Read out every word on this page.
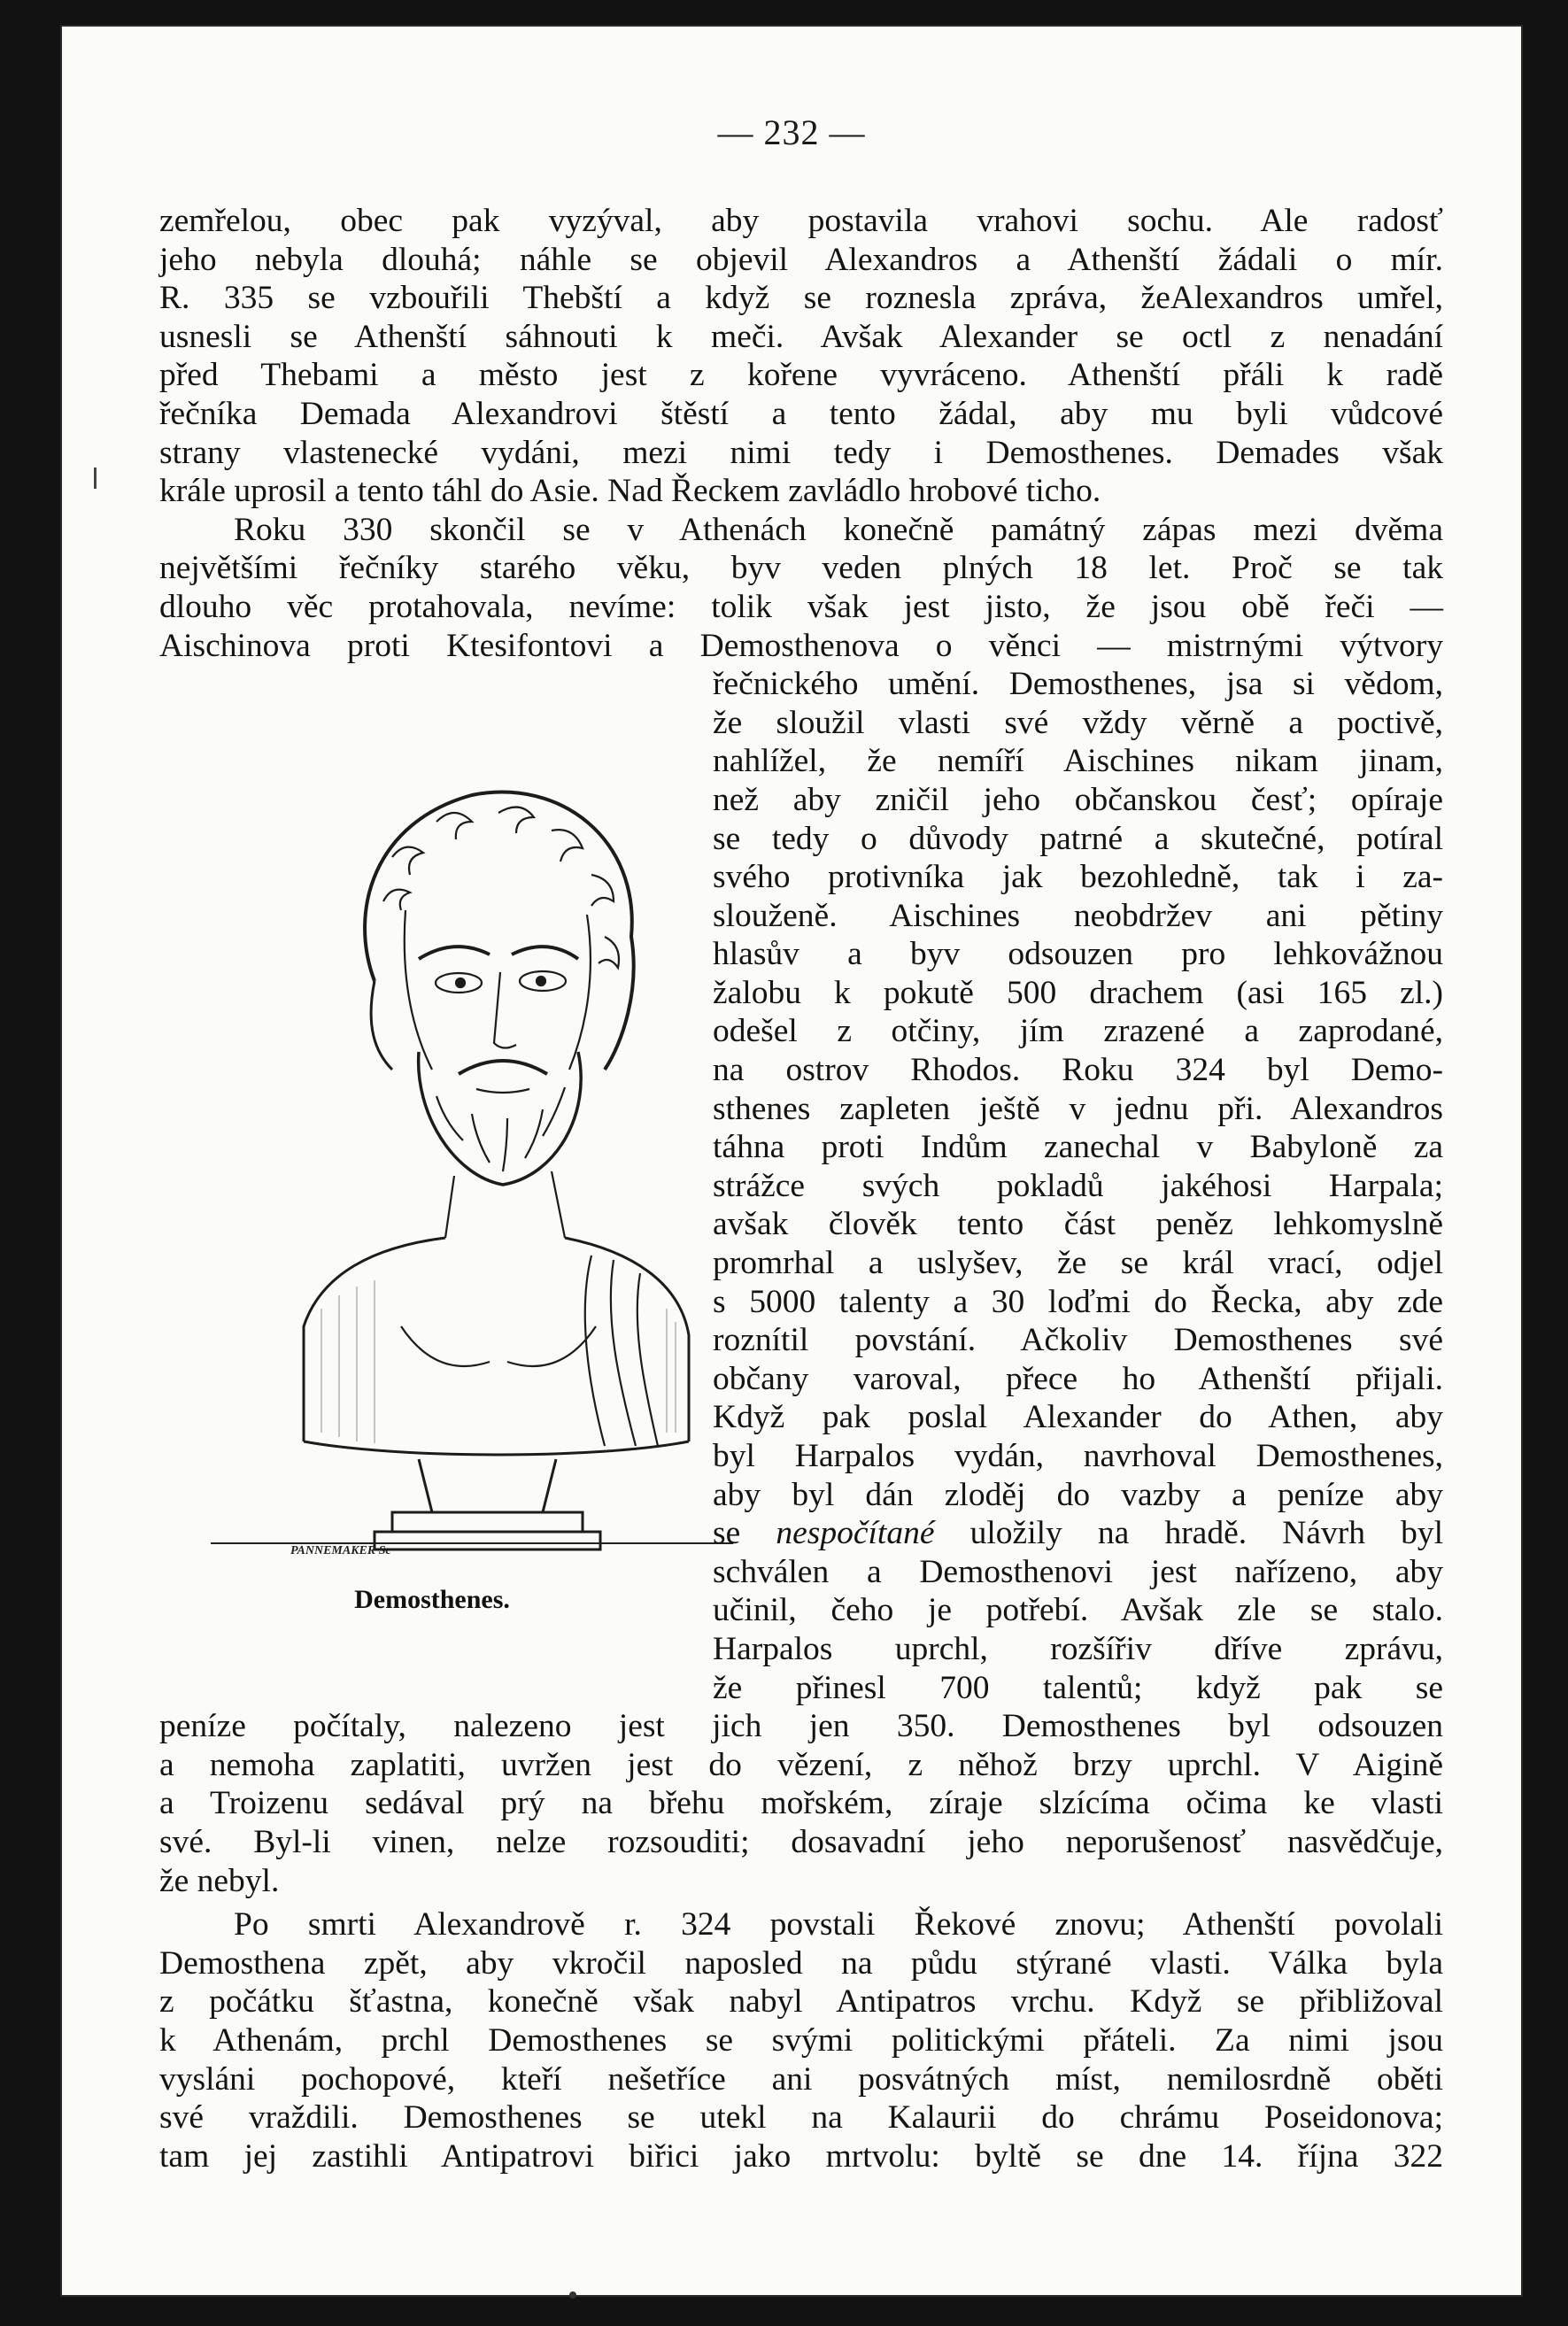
— 232 —
PANNEMAKER Sc
Demosthenes.

zemřelou, obec pak vyzýval, aby postavila vrahovi sochu. Ale radosť
jeho nebyla dlouhá; náhle se objevil Alexandros a Athenští žádali o mír.
R. 335 se vzbouřili Thebští a když se roznesla zpráva, žeAlexandros umřel,
usnesli se Athenští sáhnouti k meči. Avšak Alexander se octl z nenadání
před Thebami a město jest z kořene vyvráceno. Athenští přáli k radě
řečníka Demada Alexandrovi štěstí a tento žádal, aby mu byli vůdcové
strany vlastenecké vydáni, mezi nimi tedy i Demosthenes. Demades však
krále uprosil a tento táhl do Asie. Nad Řeckem zavládlo hrobové ticho.

Roku 330 skončil se v Athenách konečně památný zápas mezi dvěma
největšími řečníky starého věku, byv veden plných 18 let. Proč se tak
dlouho věc protahovala, nevíme: tolik však jest jisto, že jsou obě řeči —
Aischinova proti Ktesifontovi a Demosthenova o věnci — mistrnými výtvory
řečnického umění. Demosthenes, jsa si vědom,
že sloužil vlasti své vždy věrně a poctivě,
nahlížel, že nemíří Aischines nikam jinam,
než aby zničil jeho občanskou česť; opíraje
se tedy o důvody patrné a skutečné, potíral
svého protivníka jak bezohledně, tak i za-
slouženě. Aischines neobdržev ani pětiny
hlasův a byv odsouzen pro lehkovážnou
žalobu k pokutě 500 drachem (asi 165 zl.)
odešel z otčiny, jím zrazené a zaprodané,
na ostrov Rhodos. Roku 324 byl Demo-
sthenes zapleten ještě v jednu při. Alexandros
táhna proti Indům zanechal v Babyloně za
strážce svých pokladů jakéhosi Harpala;
avšak člověk tento část peněz lehkomyslně
promrhal a uslyšev, že se král vrací, odjel
s 5000 talenty a 30 loďmi do Řecka, aby zde
roznítil povstání. Ačkoliv Demosthenes své
občany varoval, přece ho Athenští přijali.
Když pak poslal Alexander do Athen, aby
byl Harpalos vydán, navrhoval Demosthenes,
aby byl dán zloděj do vazby a peníze aby
se nespočítané uložily na hradě. Návrh byl
schválen a Demosthenovi jest nařízeno, aby
učinil, čeho je potřebí. Avšak zle se stalo.
Harpalos uprchl, rozšířiv dříve zprávu,
že přinesl 700 talentů; když pak se
peníze počítaly, nalezeno jest jich jen 350. Demosthenes byl odsouzen
a nemoha zaplatiti, uvržen jest do vězení, z něhož brzy uprchl. V Aigině
a Troizenu sedával prý na břehu mořském, zíraje slzícíma očima ke vlasti
své. Byl-li vinen, nelze rozsouditi; dosavadní jeho neporušenosť nasvědčuje,
že nebyl.

Po smrti Alexandrově r. 324 povstali Řekové znovu; Athenští povolali
Demosthena zpět, aby vkročil naposled na půdu stýrané vlasti. Válka byla
z počátku šťastna, konečně však nabyl Antipatros vrchu. Když se přibližoval
k Athenám, prchl Demosthenes se svými politickými přáteli. Za nimi jsou
vysláni pochopové, kteří nešetříce ani posvátných míst, nemilosrdně oběti
své vraždili. Demosthenes se utekl na Kalaurii do chrámu Poseidonova;
tam jej zastihli Antipatrovi biřici jako mrtvolu: byltě se dne 14. října 322
